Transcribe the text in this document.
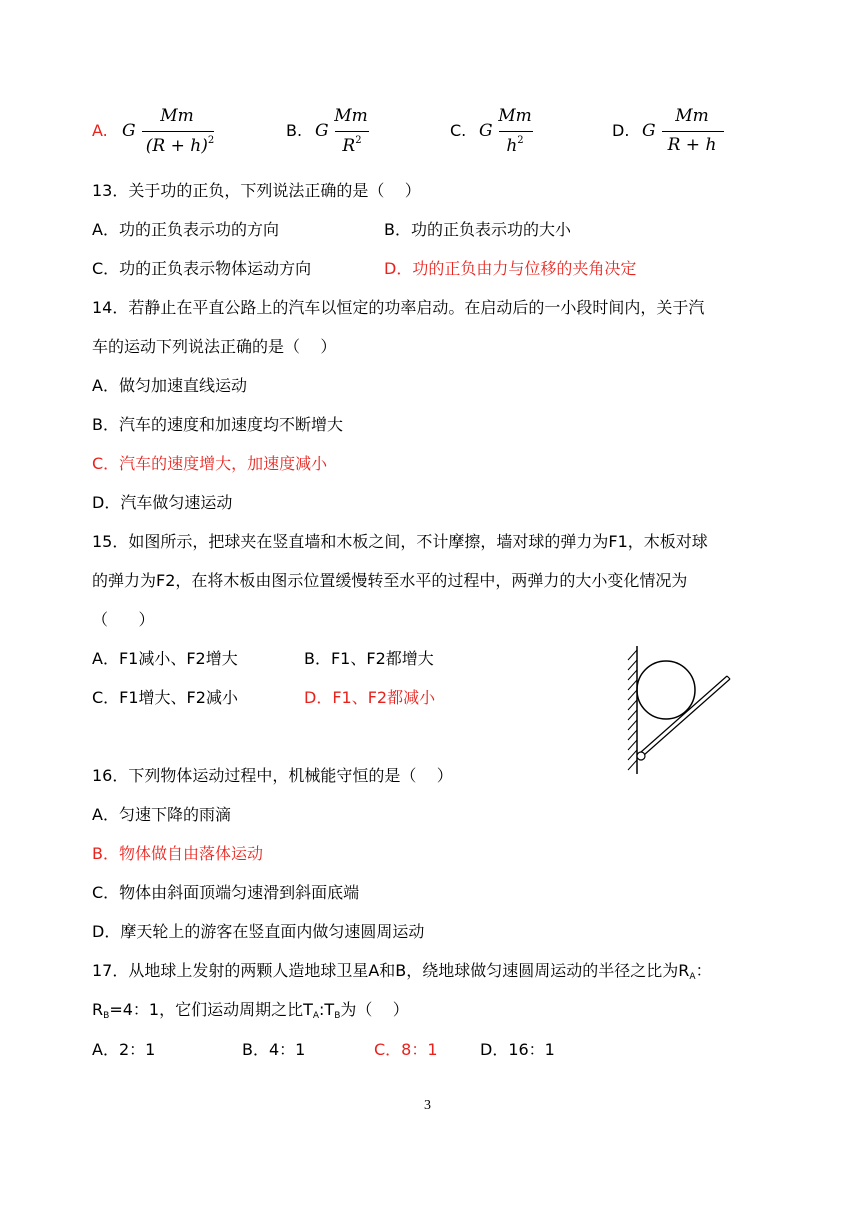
A. G
Mm
$(R + h)^2$
B. G
Mm
$R^2$
C. G
Mm
$h^2$
D. G
Mm
R + h
13．关于功的正负，下列说法正确的是（    ）
A．功的正负表示功的方向	B．功的正负表示功的大小
C．功的正负表示物体运动方向	D．功的正负由力与位移的夹角决定
14．若静止在平直公路上的汽车以恒定的功率启动。在启动后的一小段时间内，关于汽
车的运动下列说法正确的是（    ）
A．做匀加速直线运动
B．汽车的速度和加速度均不断增大
C．汽车的速度增大，加速度减小
D．汽车做匀速运动
15．如图所示，把球夹在竖直墙和木板之间，不计摩擦，墙对球的弹力为F1，木板对球
的弹力为F2，在将木板由图示位置缓慢转至水平的过程中，两弹力的大小变化情况为
（      ）
A．F1减小、F2增大	B．F1、F2都增大
C．F1增大、F2减小	D．F1、F2都减小
16．下列物体运动过程中，机械能守恒的是（    ）
A．匀速下降的雨滴
B．物体做自由落体运动
C．物体由斜面顶端匀速滑到斜面底端
D．摩天轮上的游客在竖直面内做匀速圆周运动
17．从地球上发射的两颗人造地球卫星A和B，绕地球做匀速圆周运动的半径之比为$R_A$：
$R_B=4$：1，它们运动周期之比$T_A:T_B$为（    ）
A．2：1	B．4：1	C．8：1	D．16：1
3
